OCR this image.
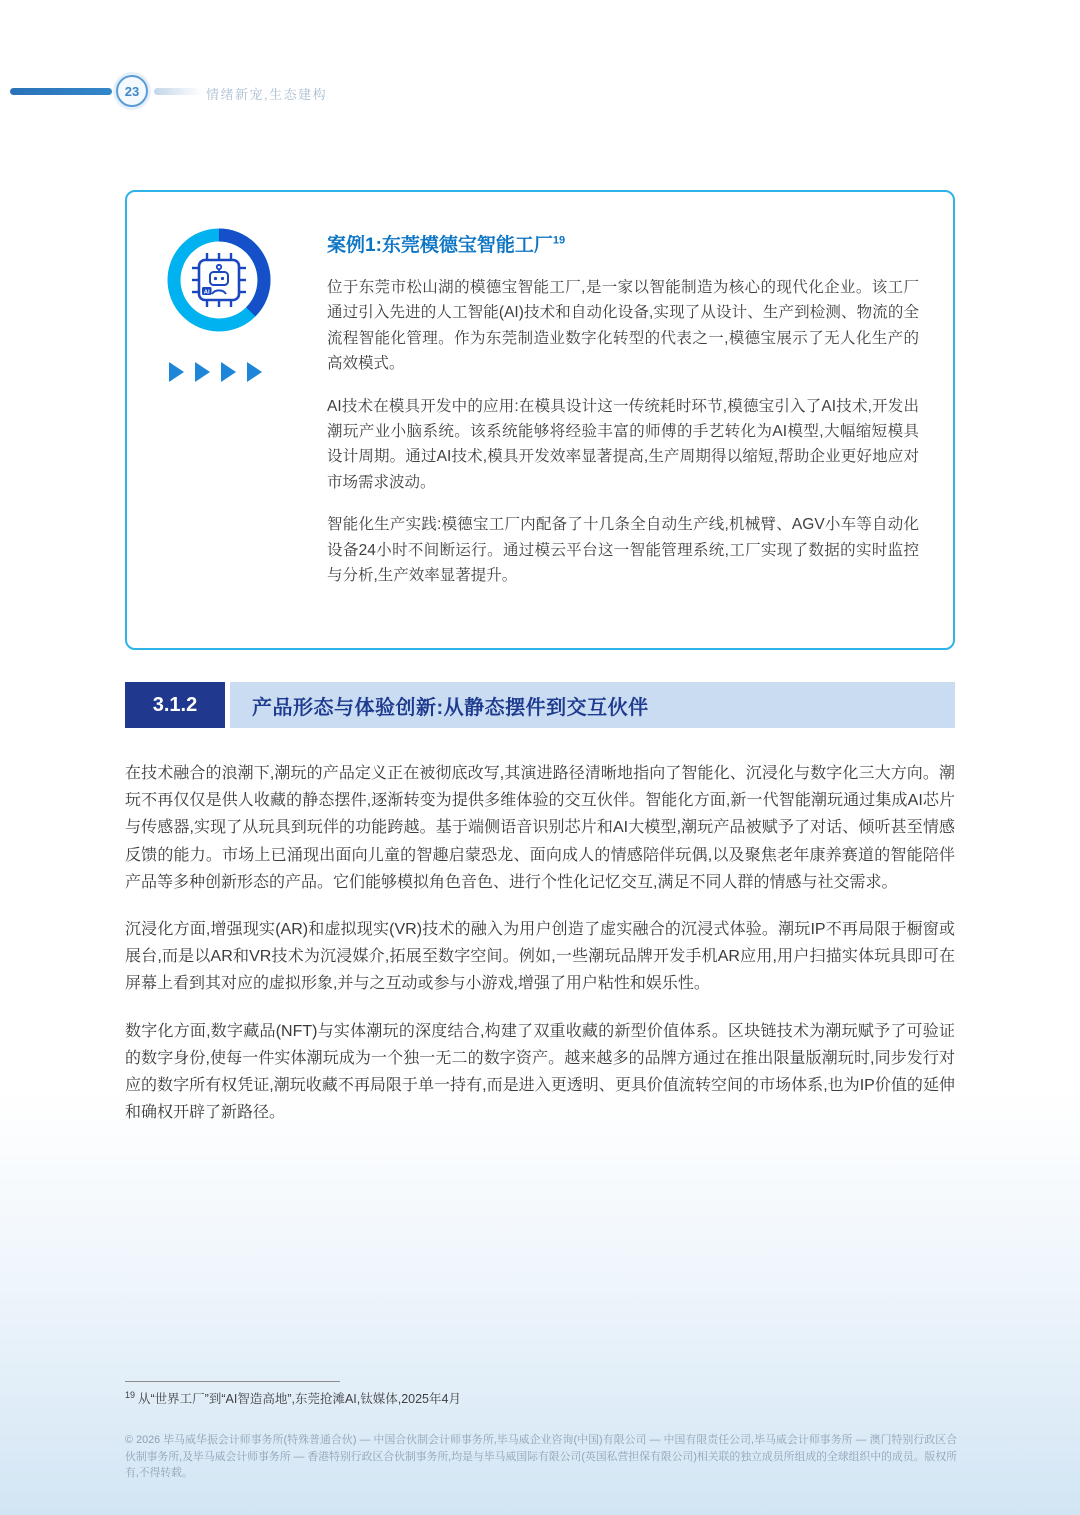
23	情绪新宠,生态建构
AI
案例1:东莞模德宝智能工厂$^{19}$

位于东莞市松山湖的模德宝智能工厂,是一家以智能制造为核心的现代化企业。该工厂通过引入先进的人工智能(AI)技术和自动化设备,实现了从设计、生产到检测、物流的全流程智能化管理。作为东莞制造业数字化转型的代表之一,模德宝展示了无人化生产的高效模式。

AI技术在模具开发中的应用:在模具设计这一传统耗时环节,模德宝引入了AI技术,开发出潮玩产业小脑系统。该系统能够将经验丰富的师傅的手艺转化为AI模型,大幅缩短模具设计周期。通过AI技术,模具开发效率显著提高,生产周期得以缩短,帮助企业更好地应对市场需求波动。

智能化生产实践:模德宝工厂内配备了十几条全自动生产线,机械臂、AGV小车等自动化设备24小时不间断运行。通过模云平台这一智能管理系统,工厂实现了数据的实时监控与分析,生产效率显著提升。

3.1.2	产品形态与体验创新:从静态摆件到交互伙伴

在技术融合的浪潮下,潮玩的产品定义正在被彻底改写,其演进路径清晰地指向了智能化、沉浸化与数字化三大方向。潮玩不再仅仅是供人收藏的静态摆件,逐渐转变为提供多维体验的交互伙伴。智能化方面,新一代智能潮玩通过集成AI芯片与传感器,实现了从玩具到玩伴的功能跨越。基于端侧语音识别芯片和AI大模型,潮玩产品被赋予了对话、倾听甚至情感反馈的能力。市场上已涌现出面向儿童的智趣启蒙恐龙、面向成人的情感陪伴玩偶,以及聚焦老年康养赛道的智能陪伴产品等多种创新形态的产品。它们能够模拟角色音色、进行个性化记忆交互,满足不同人群的情感与社交需求。

沉浸化方面,增强现实(AR)和虚拟现实(VR)技术的融入为用户创造了虚实融合的沉浸式体验。潮玩IP不再局限于橱窗或展台,而是以AR和VR技术为沉浸媒介,拓展至数字空间。例如,一些潮玩品牌开发手机AR应用,用户扫描实体玩具即可在屏幕上看到其对应的虚拟形象,并与之互动或参与小游戏,增强了用户粘性和娱乐性。

数字化方面,数字藏品(NFT)与实体潮玩的深度结合,构建了双重收藏的新型价值体系。区块链技术为潮玩赋予了可验证的数字身份,使每一件实体潮玩成为一个独一无二的数字资产。越来越多的品牌方通过在推出限量版潮玩时,同步发行对应的数字所有权凭证,潮玩收藏不再局限于单一持有,而是进入更透明、更具价值流转空间的市场体系,也为IP价值的延伸和确权开辟了新路径。

$^{19}$ 从“世界工厂”到“AI智造高地”,东莞抢滩AI,钛媒体,2025年4月

© 2026 毕马威华振会计师事务所(特殊普通合伙) — 中国合伙制会计师事务所,毕马威企业咨询(中国)有限公司 — 中国有限责任公司,毕马威会计师事务所 — 澳门特别行政区合伙制事务所,及毕马威会计师事务所 — 香港特别行政区合伙制事务所,均是与毕马威国际有限公司(英国私营担保有限公司)相关联的独立成员所组成的全球组织中的成员。版权所有,不得转载。
